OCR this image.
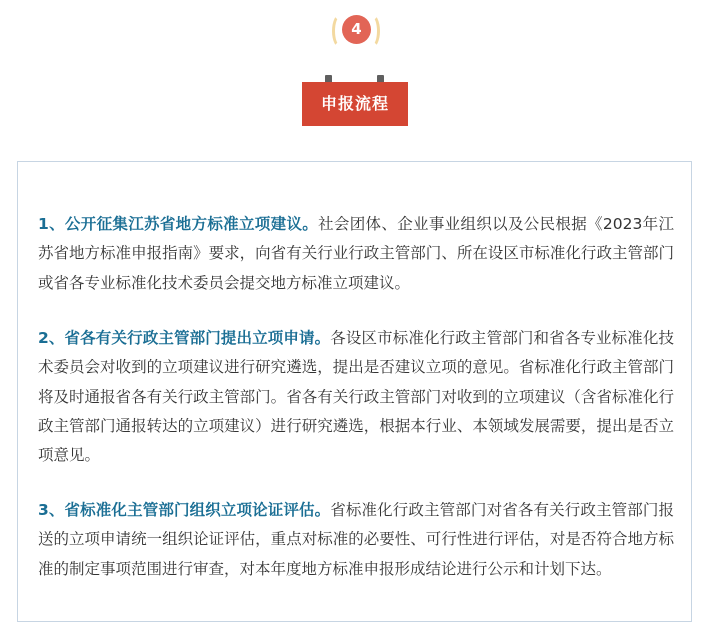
4
申报流程

1、公开征集江苏省地方标准立项建议。社会团体、企业事业组织以及公民根据《2023年江苏省地方标准申报指南》要求，向省有关行业行政主管部门、所在设区市标准化行政主管部门或省各专业标准化技术委员会提交地方标准立项建议。

2、省各有关行政主管部门提出立项申请。各设区市标准化行政主管部门和省各专业标准化技术委员会对收到的立项建议进行研究遴选，提出是否建议立项的意见。省标准化行政主管部门将及时通报省各有关行政主管部门。省各有关行政主管部门对收到的立项建议（含省标准化行政主管部门通报转达的立项建议）进行研究遴选，根据本行业、本领域发展需要，提出是否立项意见。

3、省标准化主管部门组织立项论证评估。省标准化行政主管部门对省各有关行政主管部门报送的立项申请统一组织论证评估，重点对标准的必要性、可行性进行评估，对是否符合地方标准的制定事项范围进行审查，对本年度地方标准申报形成结论进行公示和计划下达。
